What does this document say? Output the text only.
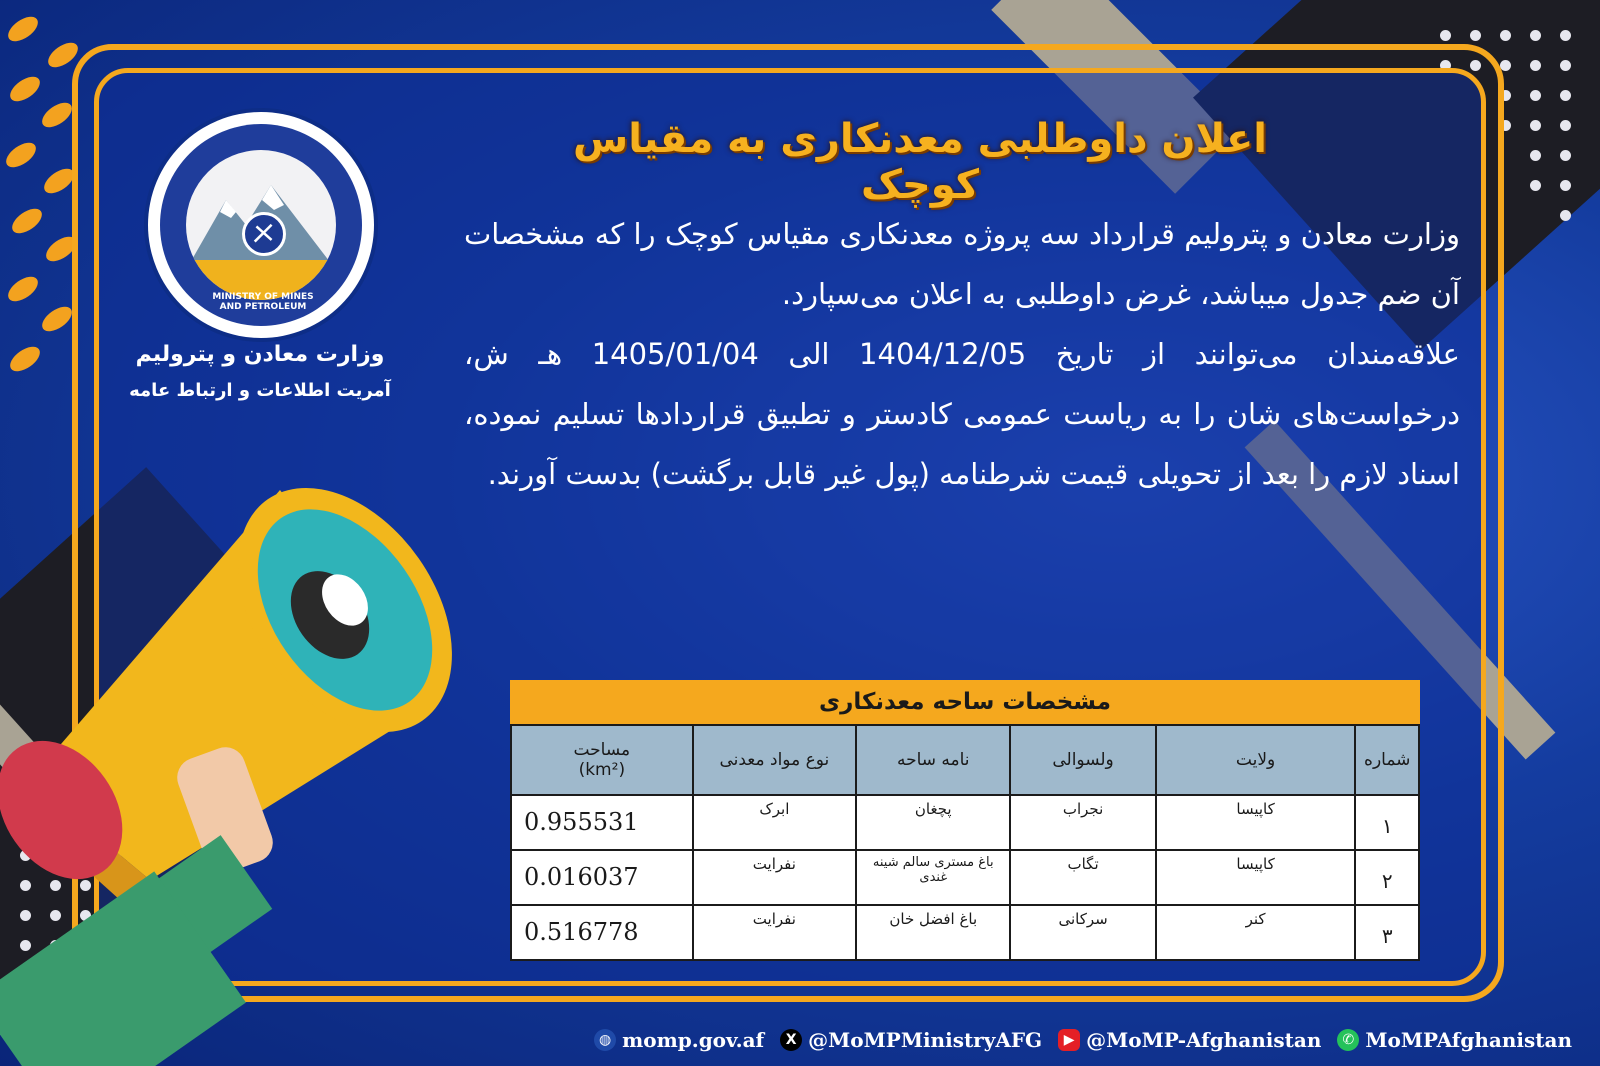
MINISTRY OF MINES AND PETROLEUM
وزارت معادن و پترولیم
آمریت اطلاعات و ارتباط عامه
اعلان داوطلبی معدنکاری به مقیاس کوچک
وزارت معادن و پترولیم قرارداد سه پروژه معدنکاری مقیاس کوچک را که مشخصات آن ضم جدول میباشد، غرض داوطلبی به اعلان می‌سپارد.
علاقه‌مندان می‌توانند از تاریخ 1404/12/05 الی 1405/01/04 هـ ش، درخواست‌های شان را به ریاست عمومی کادستر و تطبیق قراردادها تسلیم نموده، اسناد لازم را بعد از تحویلی قیمت شرطنامه (پول غیر قابل برگشت) بدست آورند.
مشخصات ساحه معدنکاری
شماره	ولایت	ولسوالی	نامه ساحه	نوع مواد معدنی	مساحت
(km²)

۱	کاپیسا	نجراب	پچغان	ابرک	0.955531
۲	کاپیسا	تگاب	باغ مستری سالم شینه غندی	نفرایت	0.016037
۳	کنر	سرکانی	باغ افضل خان	نفرایت	0.516778
◍ momp.gov.af	X @MoMPMinistryAFG	▶ @MoMP-Afghanistan	✆ MoMPAfghanistan
